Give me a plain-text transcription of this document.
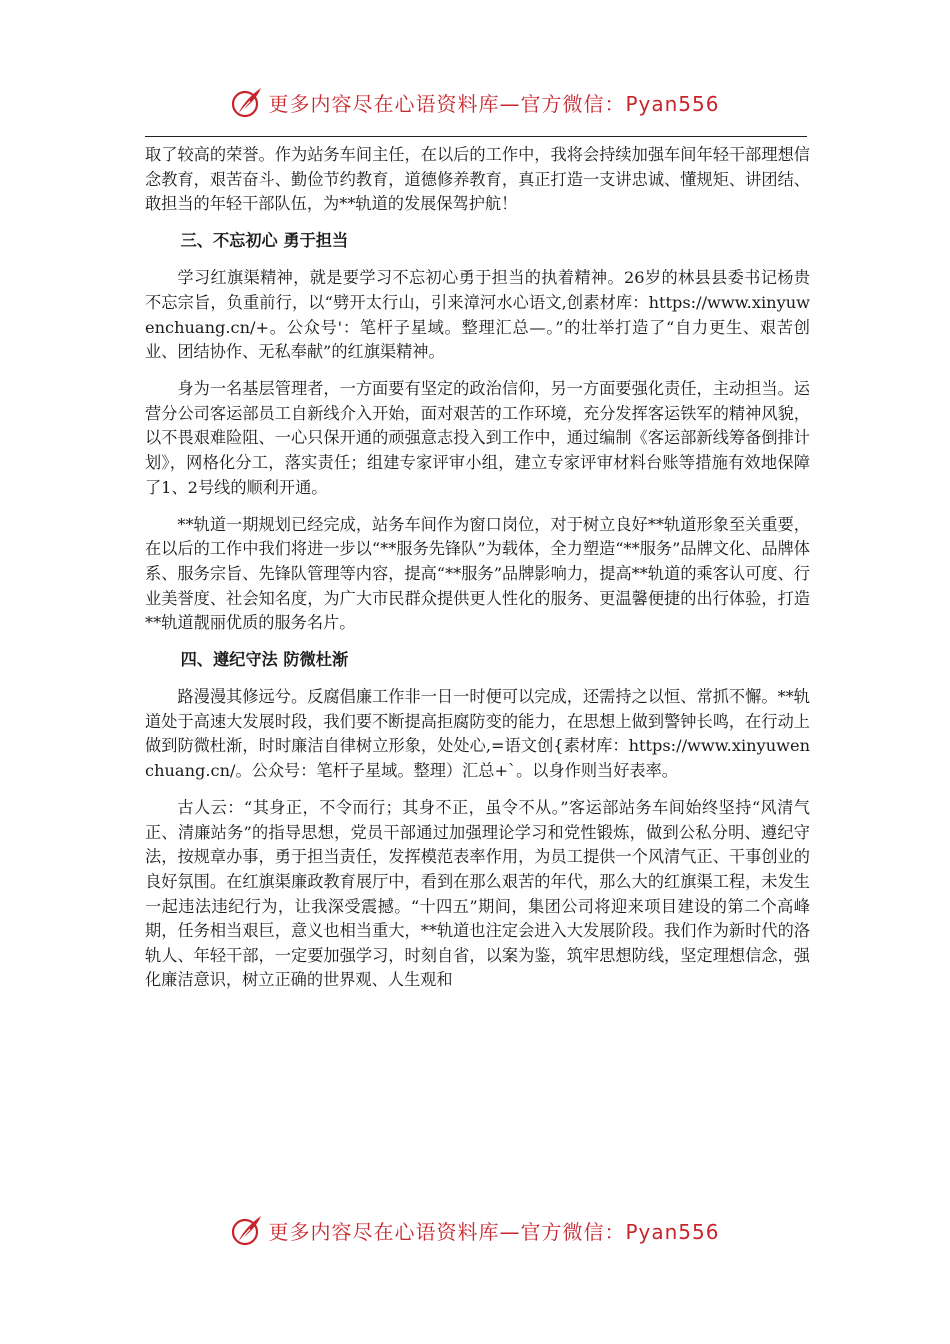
更多内容尽在心语资料库—官方微信：Pyan556

取了较高的荣誉。作为站务车间主任，在以后的工作中，我将会持续加强车间年轻干部理想信念教育，艰苦奋斗、勤俭节约教育，道德修养教育，真正打造一支讲忠诚、懂规矩、讲团结、敢担当的年轻干部队伍，为**轨道的发展保驾护航！

三、不忘初心 勇于担当

学习红旗渠精神，就是要学习不忘初心勇于担当的执着精神。26岁的林县县委书记杨贵不忘宗旨，负重前行，以“劈开太行山，引来漳河水心语文,创素材库：https://www.xinyuwenchuang.cn/+。公众号'：笔杆子星域。整理汇总—。”的壮举打造了“自力更生、艰苦创业、团结协作、无私奉献”的红旗渠精神。

身为一名基层管理者，一方面要有坚定的政治信仰，另一方面要强化责任，主动担当。运营分公司客运部员工自新线介入开始，面对艰苦的工作环境，充分发挥客运铁军的精神风貌，以不畏艰难险阻、一心只保开通的顽强意志投入到工作中，通过编制《客运部新线筹备倒排计划》，网格化分工，落实责任；组建专家评审小组，建立专家评审材料台账等措施有效地保障了1、2号线的顺利开通。

**轨道一期规划已经完成，站务车间作为窗口岗位，对于树立良好**轨道形象至关重要，在以后的工作中我们将进一步以“**服务先锋队”为载体，全力塑造“**服务”品牌文化、品牌体系、服务宗旨、先锋队管理等内容，提高“**服务”品牌影响力，提高**轨道的乘客认可度、行业美誉度、社会知名度，为广大市民群众提供更人性化的服务、更温馨便捷的出行体验，打造**轨道靓丽优质的服务名片。

四、遵纪守法 防微杜渐

路漫漫其修远兮。反腐倡廉工作非一日一时便可以完成，还需持之以恒、常抓不懈。**轨道处于高速大发展时段，我们要不断提高拒腐防变的能力，在思想上做到警钟长鸣，在行动上做到防微杜渐，时时廉洁自律树立形象，处处心,=语文创{素材库：https://www.xinyuwenchuang.cn/。公众号：笔杆子星域。整理）汇总+`。以身作则当好表率。

古人云：“其身正，不令而行；其身不正，虽令不从。”客运部站务车间始终坚持“风清气正、清廉站务”的指导思想，党员干部通过加强理论学习和党性锻炼，做到公私分明、遵纪守法，按规章办事，勇于担当责任，发挥模范表率作用，为员工提供一个风清气正、干事创业的良好氛围。在红旗渠廉政教育展厅中，看到在那么艰苦的年代，那么大的红旗渠工程，未发生一起违法违纪行为，让我深受震撼。“十四五”期间，集团公司将迎来项目建设的第二个高峰期，任务相当艰巨，意义也相当重大，**轨道也注定会进入大发展阶段。我们作为新时代的洛轨人、年轻干部，一定要加强学习，时刻自省，以案为鉴，筑牢思想防线，坚定理想信念，强化廉洁意识，树立正确的世界观、人生观和

更多内容尽在心语资料库—官方微信：Pyan556
